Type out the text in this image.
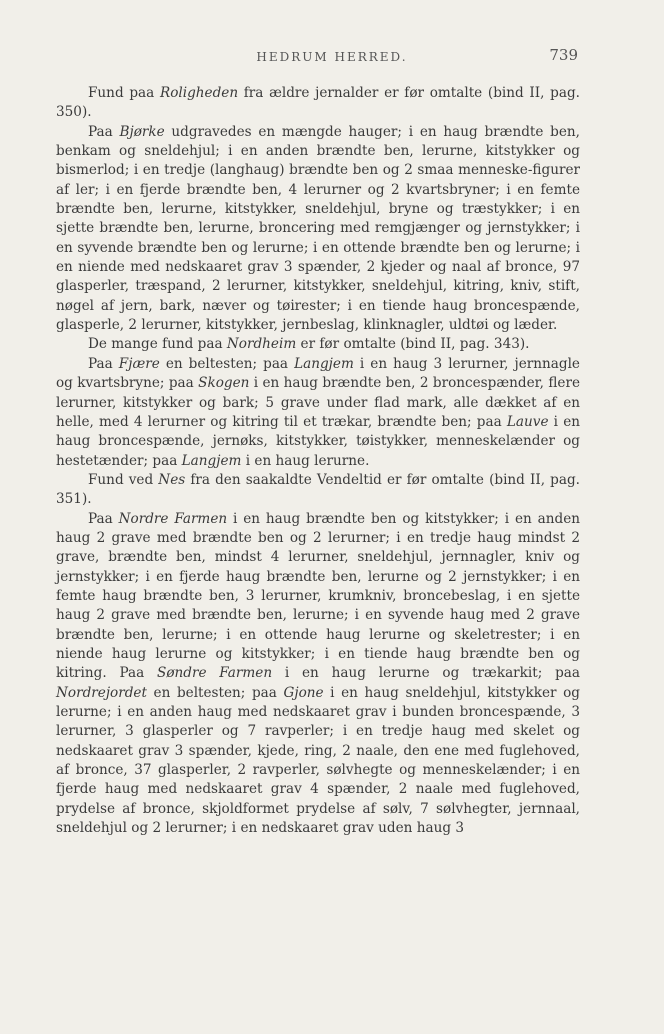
HEDRUM HERRED.	739

Fund paa Roligheden fra ældre jernalder er før omtalte (bind II, pag. 350).

Paa Bjørke udgravedes en mængde hauger; i en haug brændte ben, benkam og sneldehjul; i en anden brændte ben, lerurne, kitstykker og bismerlod; i en tredje (langhaug) brændte ben og 2 smaa menneske-figurer af ler; i en fjerde brændte ben, 4 lerurner og 2 kvartsbryner; i en femte brændte ben, lerurne, kitstykker, sneldehjul, bryne og træstykker; i en sjette brændte ben, lerurne, broncering med remgjænger og jernstykker; i en syvende brændte ben og lerurne; i en ottende brændte ben og lerurne; i en niende med nedskaaret grav 3 spænder, 2 kjeder og naal af bronce, 97 glasperler, træspand, 2 lerurner, kitstykker, sneldehjul, kitring, kniv, stift, nøgel af jern, bark, næver og tøirester; i en tiende haug broncespænde, glasperle, 2 lerurner, kitstykker, jernbeslag, klinknagler, uldtøi og læder.

De mange fund paa Nordheim er før omtalte (bind II, pag. 343).

Paa Fjære en beltesten; paa Langjem i en haug 3 lerurner, jernnagle og kvartsbryne; paa Skogen i en haug brændte ben, 2 broncespænder, flere lerurner, kitstykker og bark; 5 grave under flad mark, alle dækket af en helle, med 4 lerurner og kitring til et trækar, brændte ben; paa Lauve i en haug broncespænde, jernøks, kitstykker, tøistykker, menneskelænder og hestetænder; paa Langjem i en haug lerurne.

Fund ved Nes fra den saakaldte Vendeltid er før omtalte (bind II, pag. 351).

Paa Nordre Farmen i en haug brændte ben og kitstykker; i en anden haug 2 grave med brændte ben og 2 lerurner; i en tredje haug mindst 2 grave, brændte ben, mindst 4 lerurner, sneldehjul, jernnagler, kniv og jernstykker; i en fjerde haug brændte ben, lerurne og 2 jernstykker; i en femte haug brændte ben, 3 lerurner, krumkniv, broncebeslag, i en sjette haug 2 grave med brændte ben, lerurne; i en syvende haug med 2 grave brændte ben, lerurne; i en ottende haug lerurne og skeletrester; i en niende haug lerurne og kitstykker; i en tiende haug brændte ben og kitring. Paa Søndre Farmen i en haug lerurne og trækarkit; paa Nordrejordet en beltesten; paa Gjone i en haug sneldehjul, kitstykker og lerurne; i en anden haug med nedskaaret grav i bunden broncespænde, 3 lerurner, 3 glasperler og 7 ravperler; i en tredje haug med skelet og nedskaaret grav 3 spænder, kjede, ring, 2 naale, den ene med fuglehoved, af bronce, 37 glasperler, 2 ravperler, sølvhegte og menneskelænder; i en fjerde haug med nedskaaret grav 4 spænder, 2 naale med fuglehoved, prydelse af bronce, skjoldformet prydelse af sølv, 7 sølvhegter, jernnaal, sneldehjul og 2 lerurner; i en nedskaaret grav uden haug 3
